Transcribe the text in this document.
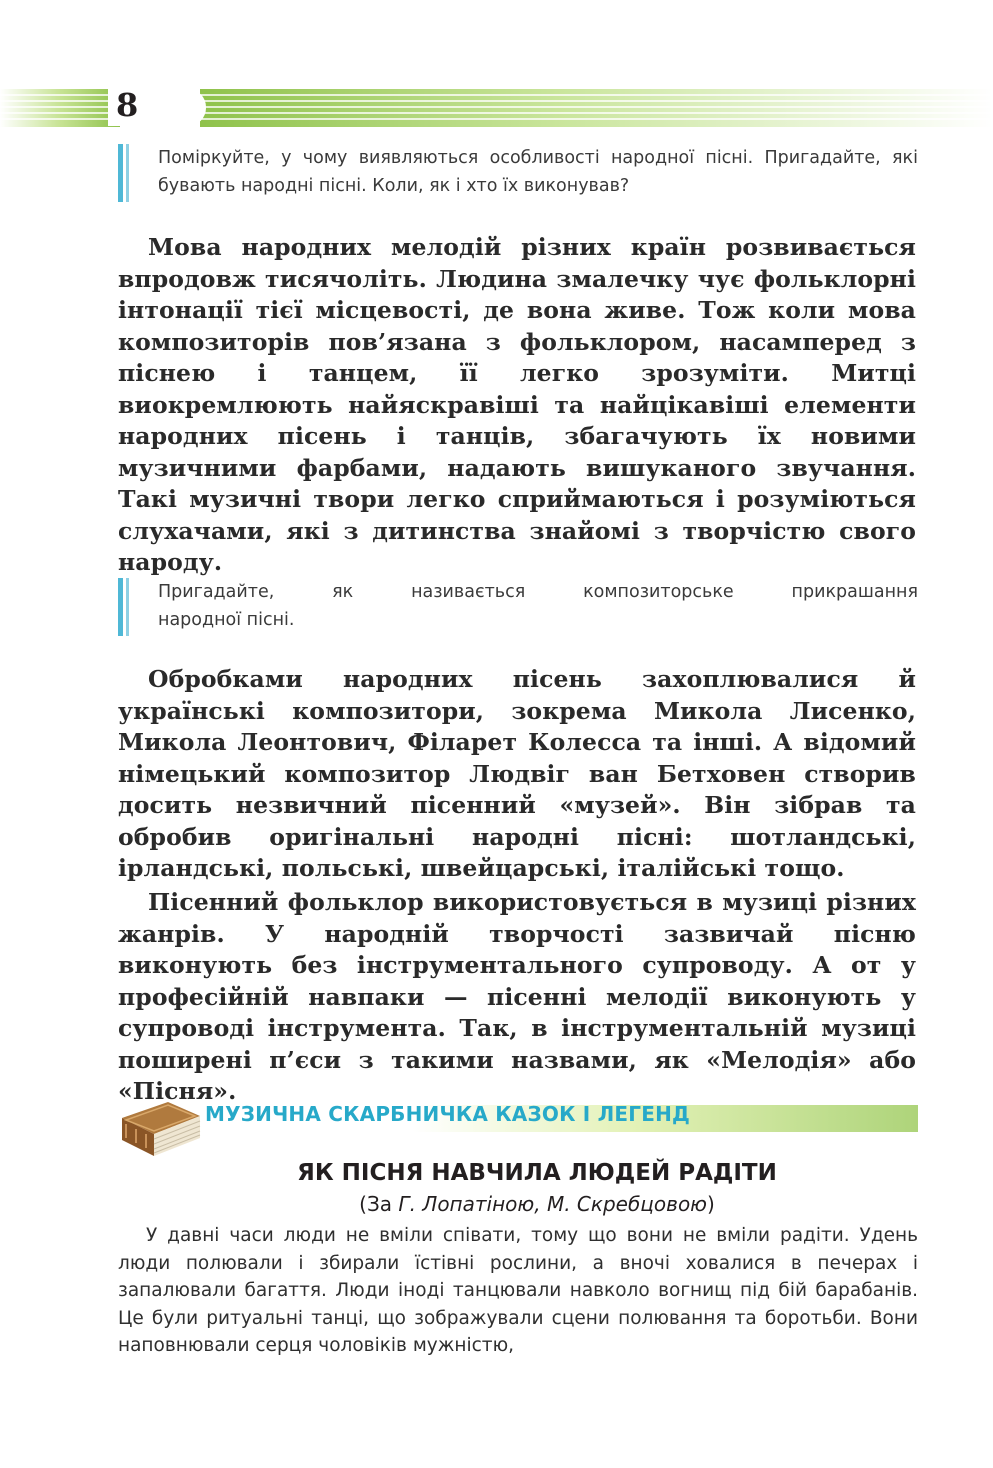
8
Поміркуйте, у чому виявляються особливості народної пісні. Пригадайте, які бувають народні пісні. Коли, як і хто їх виконував?

Мова народних мелодій різних країн розвивається впродовж тисячоліть. Людина змалечку чує фольклорні інтонації тієї місцевості, де вона живе. Тож коли мова композиторів пов’язана з фольклором, насамперед з піснею і танцем, її легко зрозуміти. Митці виокремлюють найяскравіші та найцікавіші елементи народних пісень і танців, збагачують їх новими музичними фарбами, надають вишуканого звучання. Такі музичні твори легко сприймаються і розуміються слухачами, які з дитинства знайомі з творчістю свого народу.

Пригадайте, як називається композиторське прикрашання
народної пісні.

Обробками народних пісень захоплювалися й українські композитори, зокрема Микола Лисенко, Микола Леонтович, Філарет Колесса та інші. А відомий німецький композитор Людвіг ван Бетховен створив досить незвичний пісенний «музей». Він зібрав та обробив оригінальні народні пісні: шотландські, ірландські, польські, швейцарські, італійські тощо.

Пісенний фольклор використовується в музиці різних жанрів. У народній творчості зазвичай пісню виконують без інструментального супроводу. А от у професійній навпаки — пісенні мелодії виконують у супроводі інструмента. Так, в інструментальній музиці поширені п’єси з такими назвами, як «Мелодія» або «Пісня».

МУЗИЧНА СКАРБНИЧКА КАЗОК І ЛЕГЕНД
ЯК ПІСНЯ НАВЧИЛА ЛЮДЕЙ РАДІТИ
(За Г. Лопатіною, М. Скребцовою)

У давні часи люди не вміли співати, тому що вони не вміли радіти. Удень люди полювали і збирали їстівні рослини, а вночі ховалися в печерах і запалювали багаття. Люди іноді танцювали навколо вогнищ під бій барабанів. Це були ритуальні танці, що зображували сцени полювання та боротьби. Вони наповнювали серця чоловіків мужністю,
